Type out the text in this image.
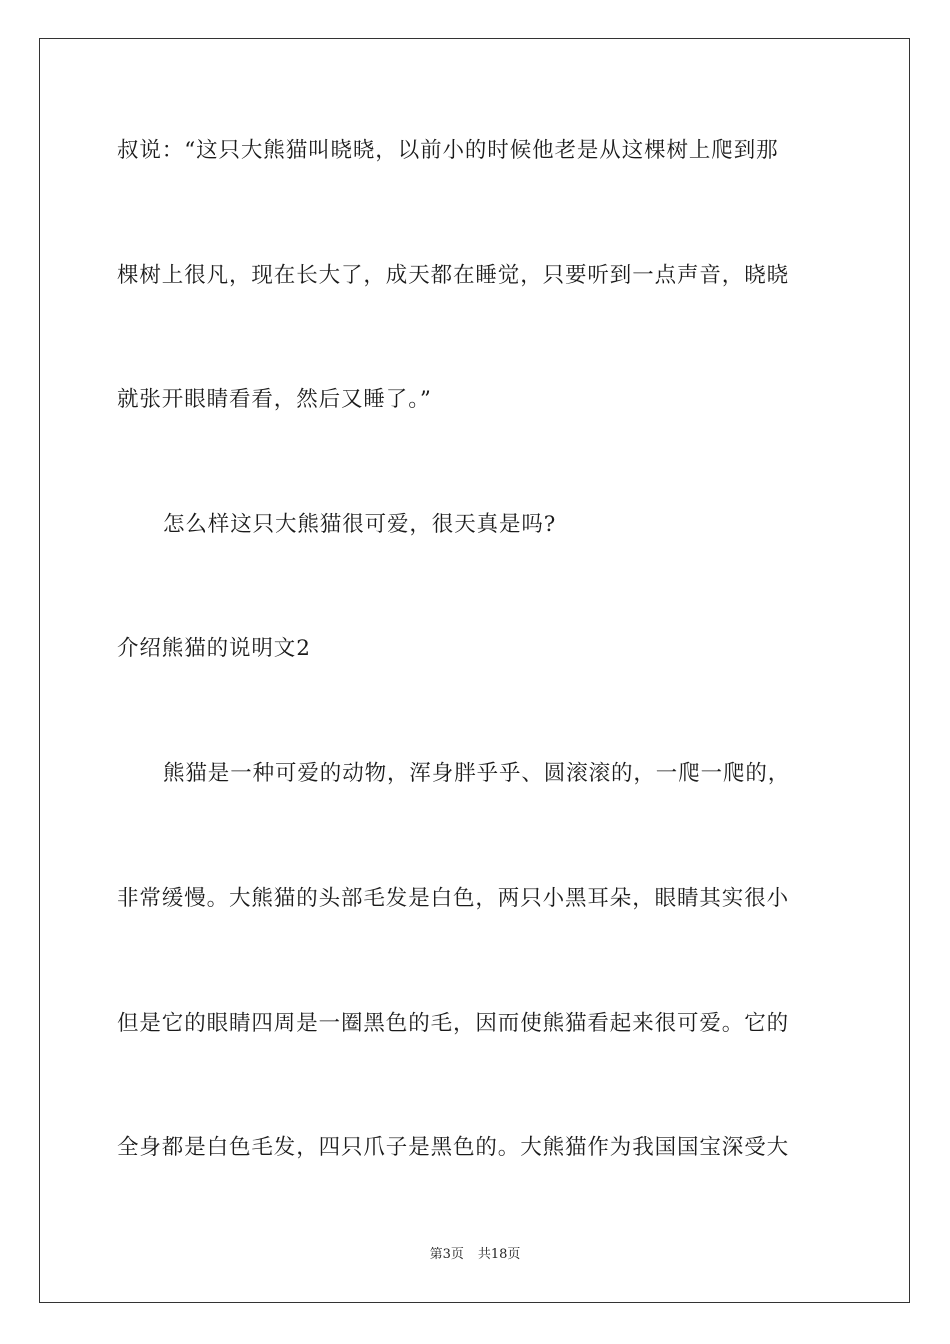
叔说：“这只大熊猫叫晓晓，以前小的时候他老是从这棵树上爬到那
棵树上很凡，现在长大了，成天都在睡觉，只要听到一点声音，晓晓
就张开眼睛看看，然后又睡了。”
怎么样这只大熊猫很可爱，很天真是吗?
介绍熊猫的说明文2
熊猫是一种可爱的动物，浑身胖乎乎、圆滚滚的，一爬一爬的，
非常缓慢。大熊猫的头部毛发是白色，两只小黑耳朵，眼睛其实很小
但是它的眼睛四周是一圈黑色的毛，因而使熊猫看起来很可爱。它的
全身都是白色毛发，四只爪子是黑色的。大熊猫作为我国国宝深受大
第3页 共18页
